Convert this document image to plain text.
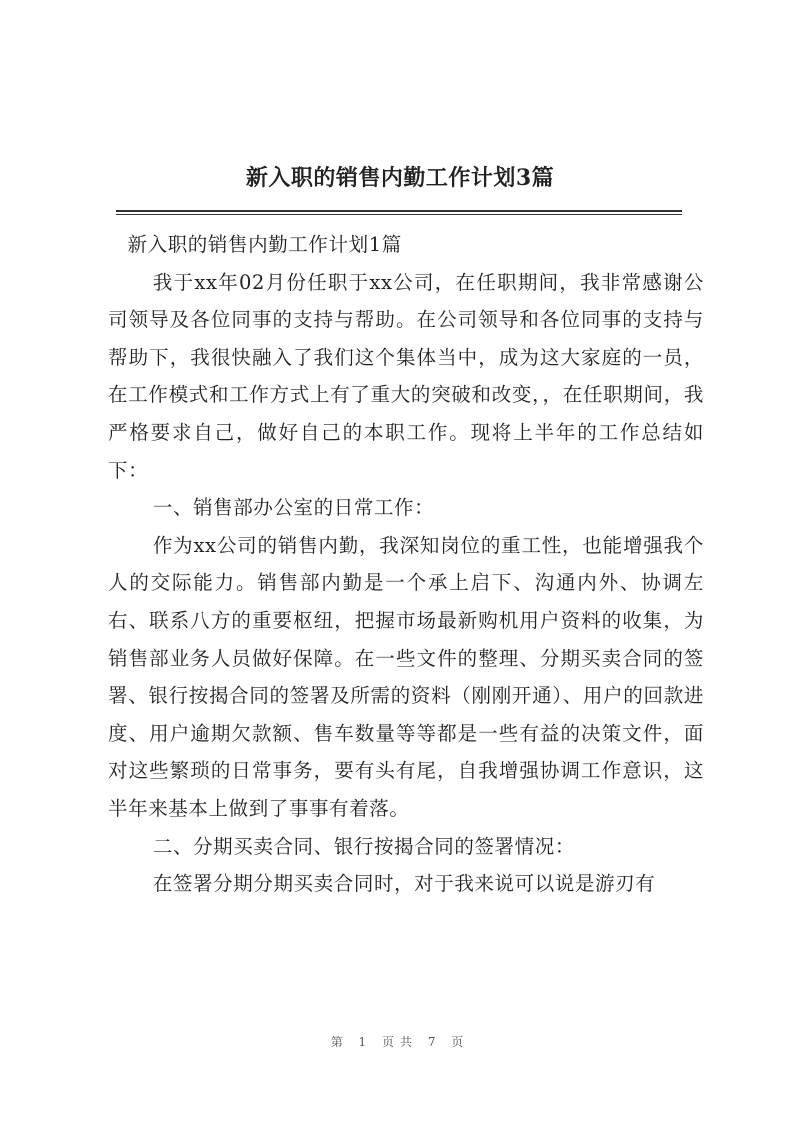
新入职的销售内勤工作计划3篇

新入职的销售内勤工作计划1篇

我于xx年02月份任职于xx公司，在任职期间，我非常感谢公司领导及各位同事的支持与帮助。在公司领导和各位同事的支持与帮助下，我很快融入了我们这个集体当中，成为这大家庭的一员，在工作模式和工作方式上有了重大的突破和改变，，在任职期间，我严格要求自己，做好自己的本职工作。现将上半年的工作总结如下：

一、销售部办公室的日常工作：

作为xx公司的销售内勤，我深知岗位的重工性，也能增强我个人的交际能力。销售部内勤是一个承上启下、沟通内外、协调左右、联系八方的重要枢纽，把握市场最新购机用户资料的收集，为销售部业务人员做好保障。在一些文件的整理、分期买卖合同的签署、银行按揭合同的签署及所需的资料（刚刚开通）、用户的回款进度、用户逾期欠款额、售车数量等等都是一些有益的决策文件，面对这些繁琐的日常事务，要有头有尾，自我增强协调工作意识，这半年来基本上做到了事事有着落。

二、分期买卖合同、银行按揭合同的签署情况：

在签署分期分期买卖合同时，对于我来说可以说是游刃有

第 1 页共 7 页
